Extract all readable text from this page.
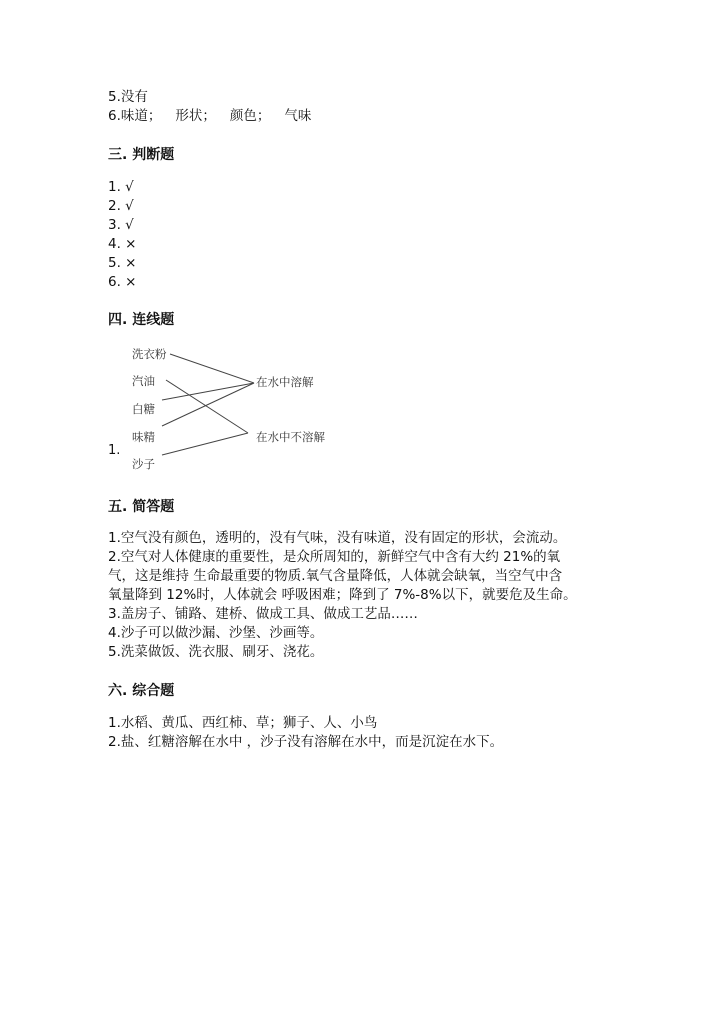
5.没有
6.味道； 形状； 颜色； 气味
三. 判断题
1. √
2. √
3. √
4. ×
5. ×
6. ×
四. 连线题
1.
洗衣粉
汽油
白糖
味精
沙子
在水中溶解
在水中不溶解
五. 简答题
1.空气没有颜色，透明的，没有气味，没有味道，没有固定的形状，会流动。
2.空气对人体健康的重要性，是众所周知的，新鲜空气中含有大约 21%的氧
气，这是维持 生命最重要的物质.氧气含量降低，人体就会缺氧，当空气中含
氧量降到 12%时，人体就会 呼吸困难；降到了 7%-8%以下，就要危及生命。
3.盖房子、铺路、建桥、做成工具、做成工艺品……
4.沙子可以做沙漏、沙堡、沙画等。
5.洗菜做饭、洗衣服、刷牙、浇花。
六. 综合题
1.水稻、黄瓜、西红柿、草；狮子、人、小鸟
2.盐、红糖溶解在水中 ，沙子没有溶解在水中，而是沉淀在水下。
